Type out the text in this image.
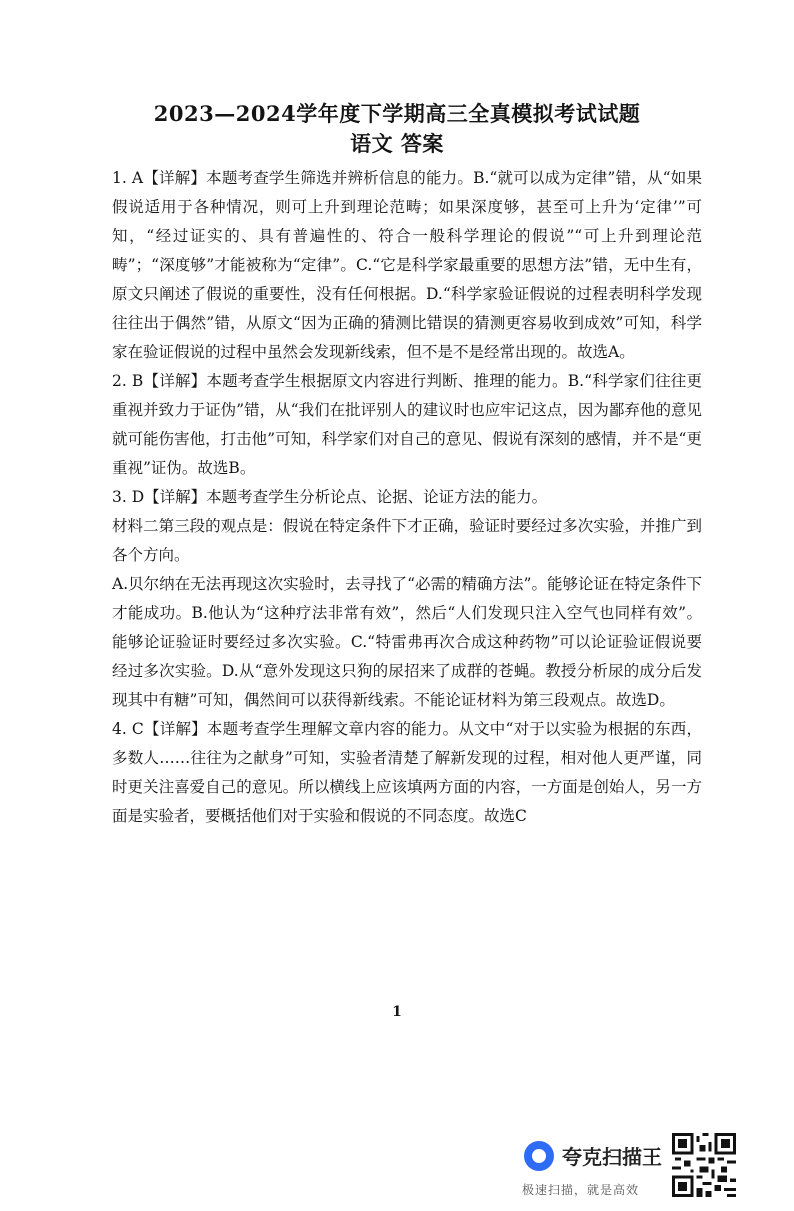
2023—2024学年度下学期高三全真模拟考试试题
语文 答案

1. A【详解】本题考查学生筛选并辨析信息的能力。B.“就可以成为定律”错，从“如果假说适用于各种情况，则可上升到理论范畴；如果深度够，甚至可上升为‘定律’”可知，“经过证实的、具有普遍性的、符合一般科学理论的假说”“可上升到理论范畴”；“深度够”才能被称为“定律”。C.“它是科学家最重要的思想方法”错，无中生有，原文只阐述了假说的重要性，没有任何根据。D.“科学家验证假说的过程表明科学发现往往出于偶然”错，从原文“因为正确的猜测比错误的猜测更容易收到成效”可知，科学家在验证假说的过程中虽然会发现新线索，但不是不是经常出现的。故选A。

2. B【详解】本题考查学生根据原文内容进行判断、推理的能力。B.“科学家们往往更重视并致力于证伪”错，从“我们在批评别人的建议时也应牢记这点，因为鄙弃他的意见就可能伤害他，打击他”可知，科学家们对自己的意见、假说有深刻的感情，并不是“更重视”证伪。故选B。

3. D【详解】本题考查学生分析论点、论据、论证方法的能力。

材料二第三段的观点是：假说在特定条件下才正确，验证时要经过多次实验，并推广到各个方向。

A.贝尔纳在无法再现这次实验时，去寻找了“必需的精确方法”。能够论证在特定条件下才能成功。B.他认为“这种疗法非常有效”，然后“人们发现只注入空气也同样有效”。能够论证验证时要经过多次实验。C.“特雷弗再次合成这种药物”可以论证验证假说要经过多次实验。D.从“意外发现这只狗的尿招来了成群的苍蝇。教授分析尿的成分后发现其中有糖”可知，偶然间可以获得新线索。不能论证材料为第三段观点。故选D。

4. C【详解】本题考查学生理解文章内容的能力。从文中“对于以实验为根据的东西，多数人……往往为之献身”可知，实验者清楚了解新发现的过程，相对他人更严谨，同时更关注喜爱自己的意见。所以横线上应该填两方面的内容，一方面是创始人，另一方面是实验者，要概括他们对于实验和假说的不同态度。故选C

1
夸克扫描王
极速扫描，就是高效
